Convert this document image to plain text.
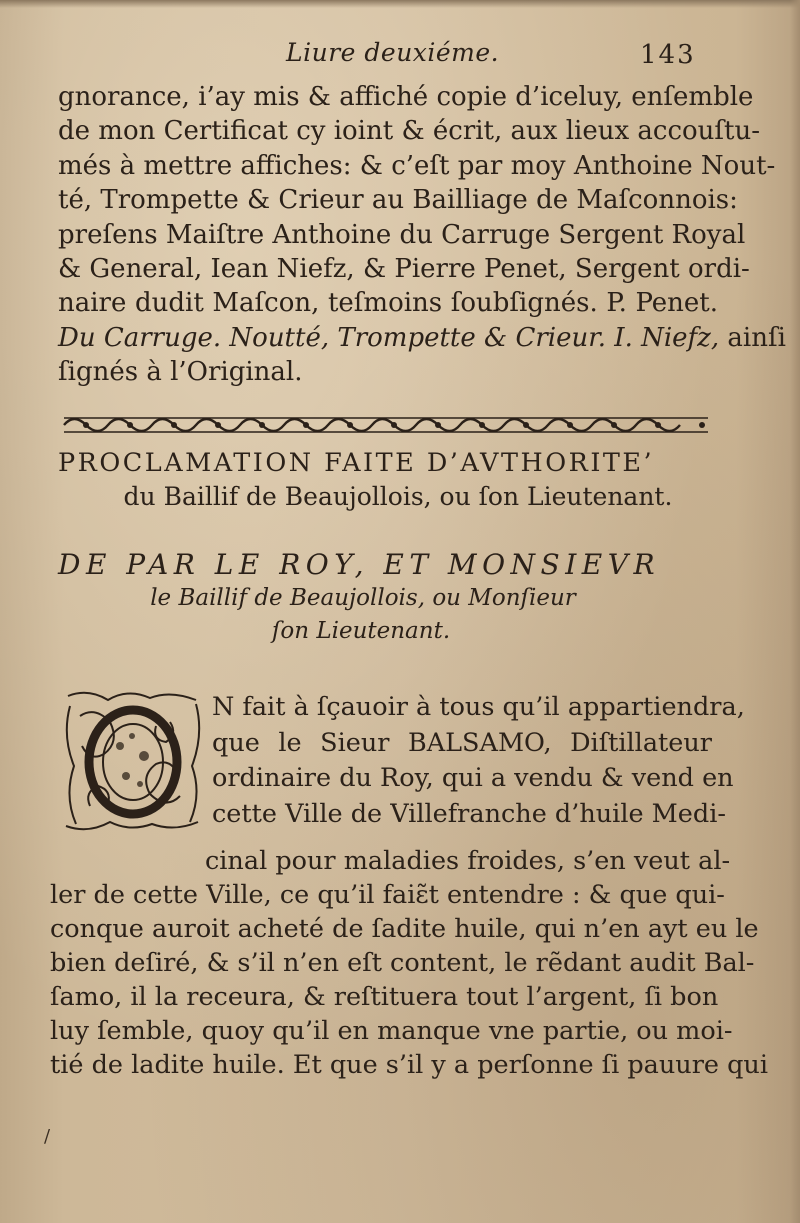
Liure deuxiéme.	143
gnorance, i’ay mis & affiché copie d’iceluy, enſemble
de mon Certificat cy ioint & écrit, aux lieux accouſtu-
més à mettre affiches: & c’eſt par moy Anthoine Nout-
té, Trompette & Crieur au Bailliage de Maſconnois:
preſens Maiſtre Anthoine du Carruge Sergent Royal
& General, Iean Niefz, & Pierre Penet, Sergent ordi-
naire dudit Maſcon, teſmoins ſoubſignés. P. Penet.
Du Carruge. Noutté, Trompette & Crieur. I. Niefz, ainſi
ſignés à l’Original.
PROCLAMATION FAITE D’AVTHORITE’
du Baillif de Beaujollois, ou ſon Lieutenant.
DE PAR LE ROY, ET MONSIEVR
le Baillif de Beaujollois, ou Monſieur
ſon Lieutenant.
N fait à ſçauoir à tous qu’il appartiendra,
que le Sieur BALSAMO, Diſtillateur
ordinaire du Roy, qui a vendu & vend en
cette Ville de Villefranche d’huile Medi-
cinal pour maladies froides, s’en veut al-
ler de cette Ville, ce qu’il faiɛ̃t entendre : & que qui-
conque auroit acheté de ſadite huile, qui n’en ayt eu le
bien deſiré, & s’il n’en eſt content, le rẽdant audit Bal-
ſamo, il la receura, & reſtituera tout l’argent, ſi bon
luy ſemble, quoy qu’il en manque vne partie, ou moi-
tié de ladite huile. Et que s’il y a perſonne ſi pauure qui
/
